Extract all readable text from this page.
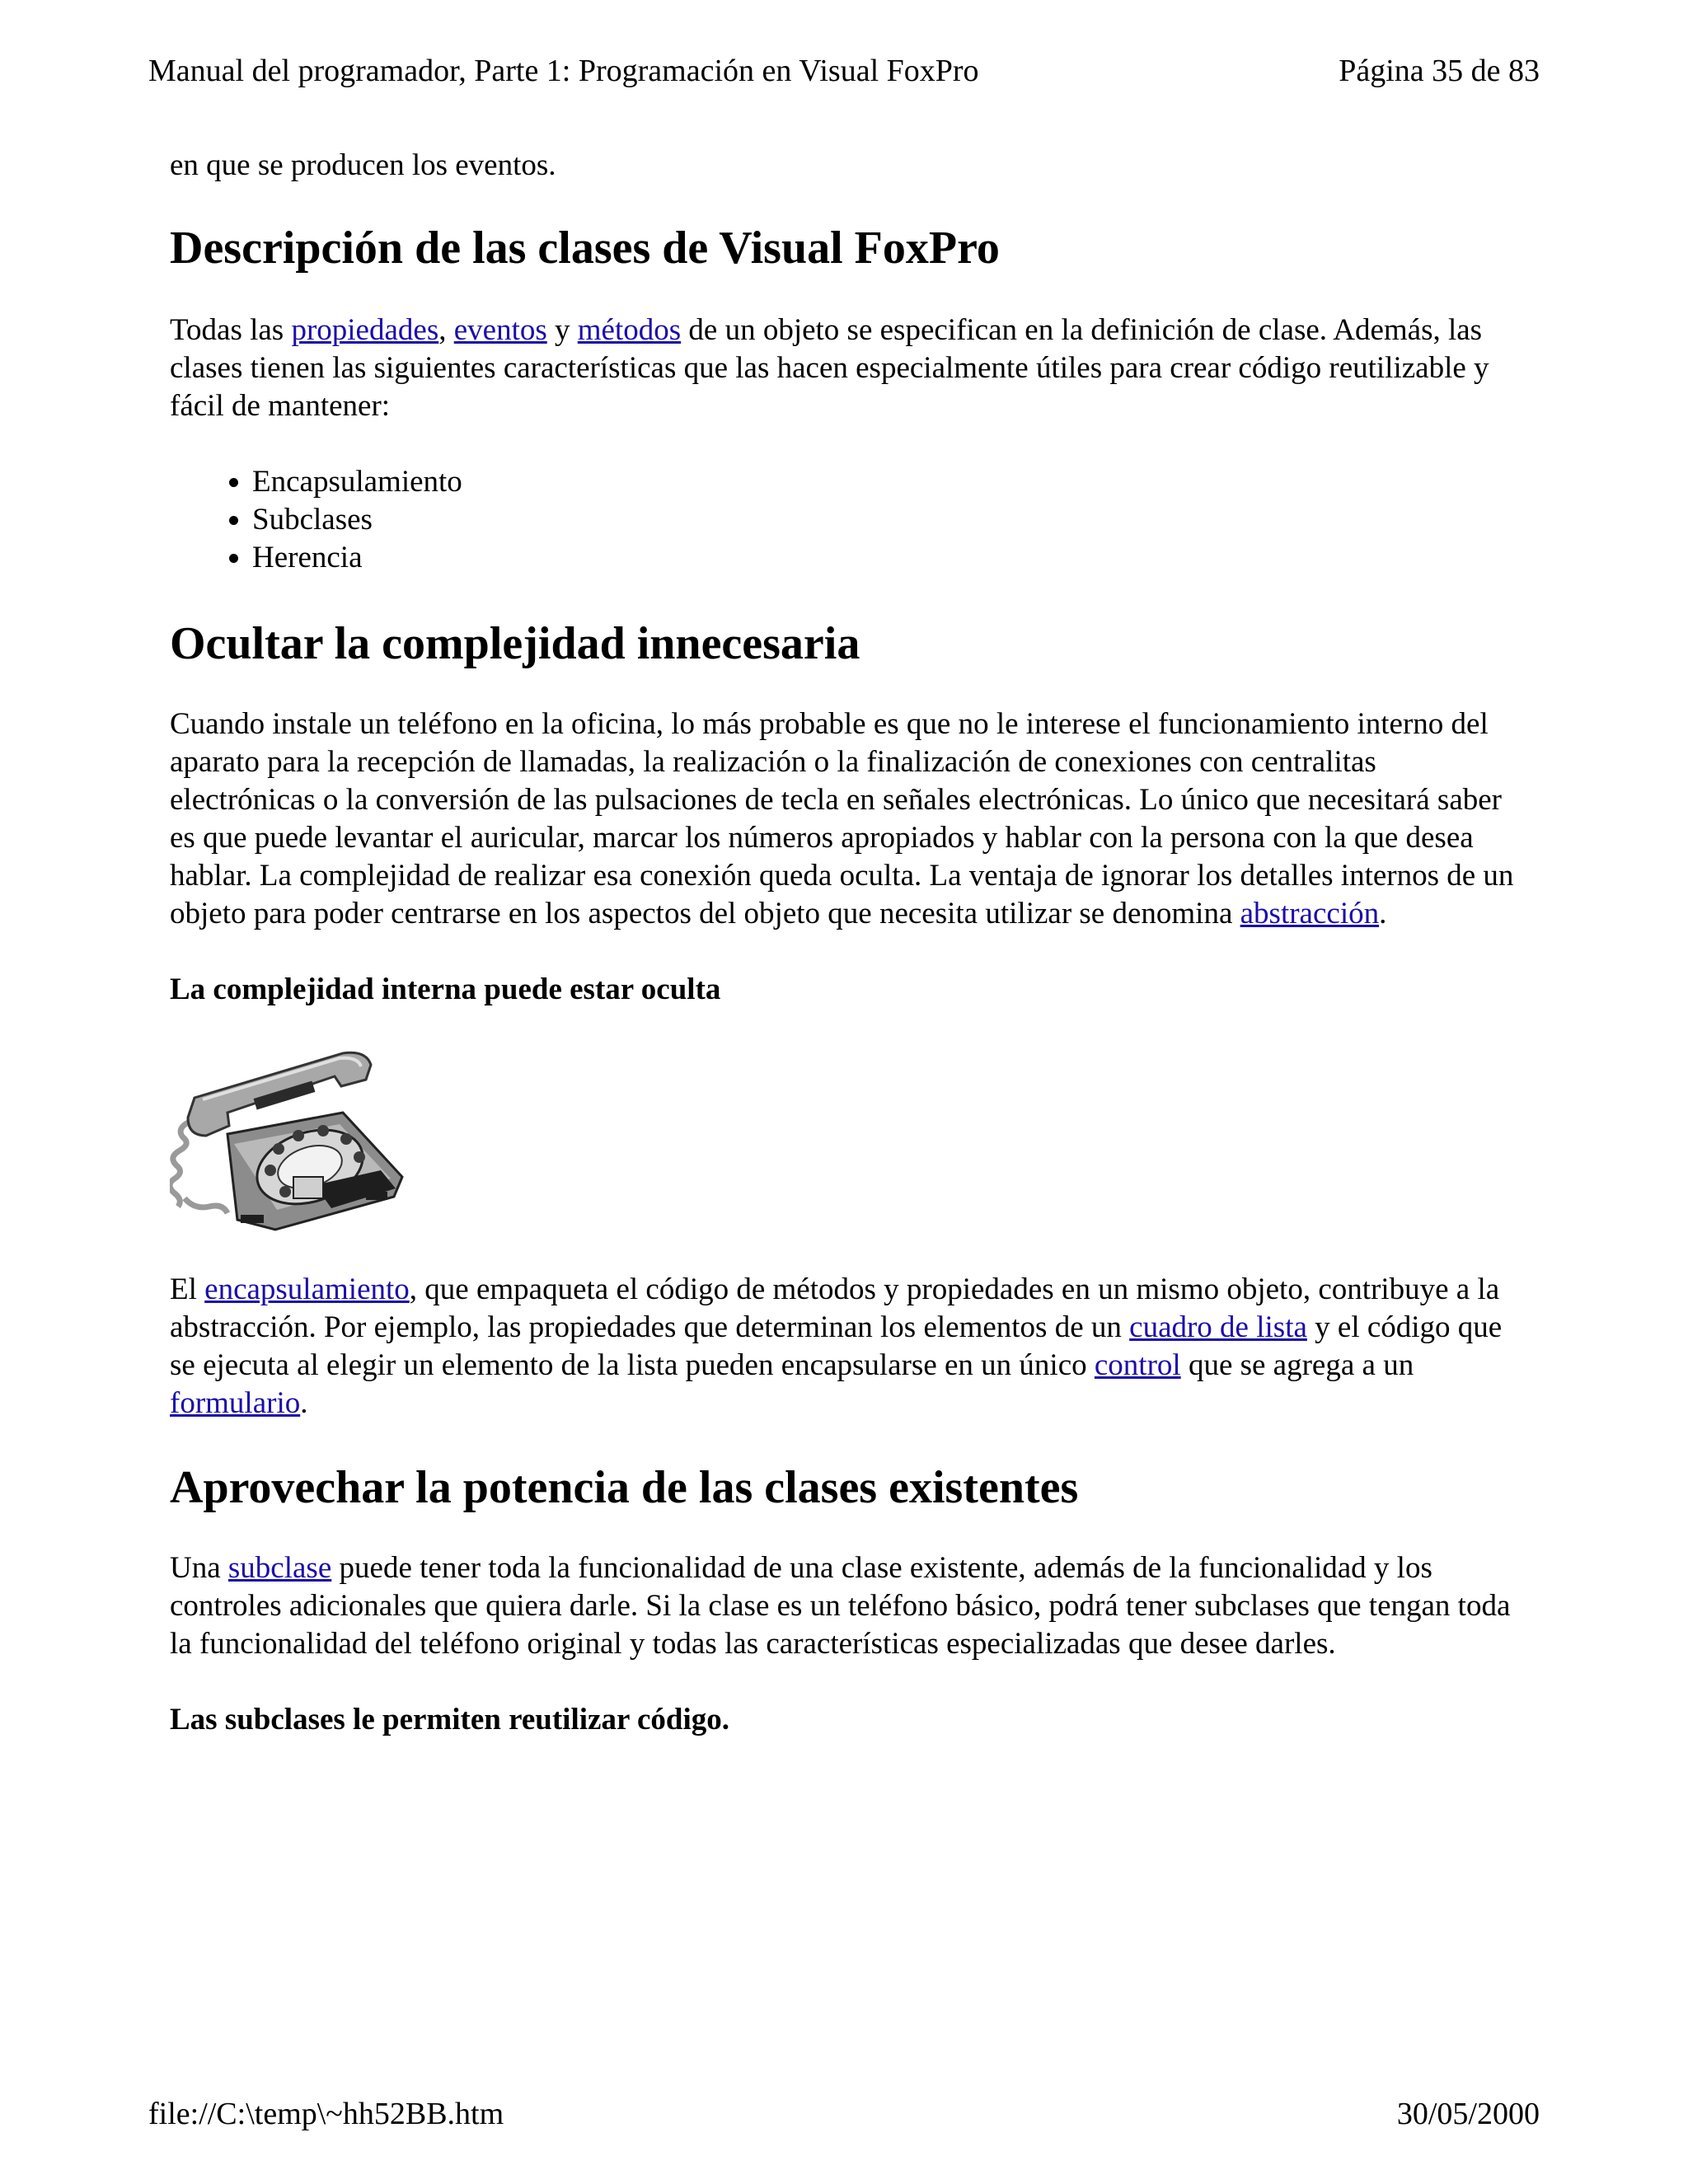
Manual del programador, Parte 1: Programación en Visual FoxPro	Página 35 de 83

en que se producen los eventos.

Descripción de las clases de Visual FoxPro

Todas las propiedades, eventos y métodos de un objeto se especifican en la definición de clase. Además, las clases tienen las siguientes características que las hacen especialmente útiles para crear código reutilizable y fácil de mantener:

• Encapsulamiento
• Subclases
• Herencia
Ocultar la complejidad innecesaria

Cuando instale un teléfono en la oficina, lo más probable es que no le interese el funcionamiento interno del aparato para la recepción de llamadas, la realización o la finalización de conexiones con centralitas electrónicas o la conversión de las pulsaciones de tecla en señales electrónicas. Lo único que necesitará saber es que puede levantar el auricular, marcar los números apropiados y hablar con la persona con la que desea hablar. La complejidad de realizar esa conexión queda oculta. La ventaja de ignorar los detalles internos de un objeto para poder centrarse en los aspectos del objeto que necesita utilizar se denomina abstracción.

La complejidad interna puede estar oculta

El encapsulamiento, que empaqueta el código de métodos y propiedades en un mismo objeto, contribuye a la abstracción. Por ejemplo, las propiedades que determinan los elementos de un cuadro de lista y el código que se ejecuta al elegir un elemento de la lista pueden encapsularse en un único control que se agrega a un formulario.

Aprovechar la potencia de las clases existentes

Una subclase puede tener toda la funcionalidad de una clase existente, además de la funcionalidad y los controles adicionales que quiera darle. Si la clase es un teléfono básico, podrá tener subclases que tengan toda la funcionalidad del teléfono original y todas las características especializadas que desee darles.

Las subclases le permiten reutilizar código.

file://C:\temp\~hh52BB.htm	30/05/2000
